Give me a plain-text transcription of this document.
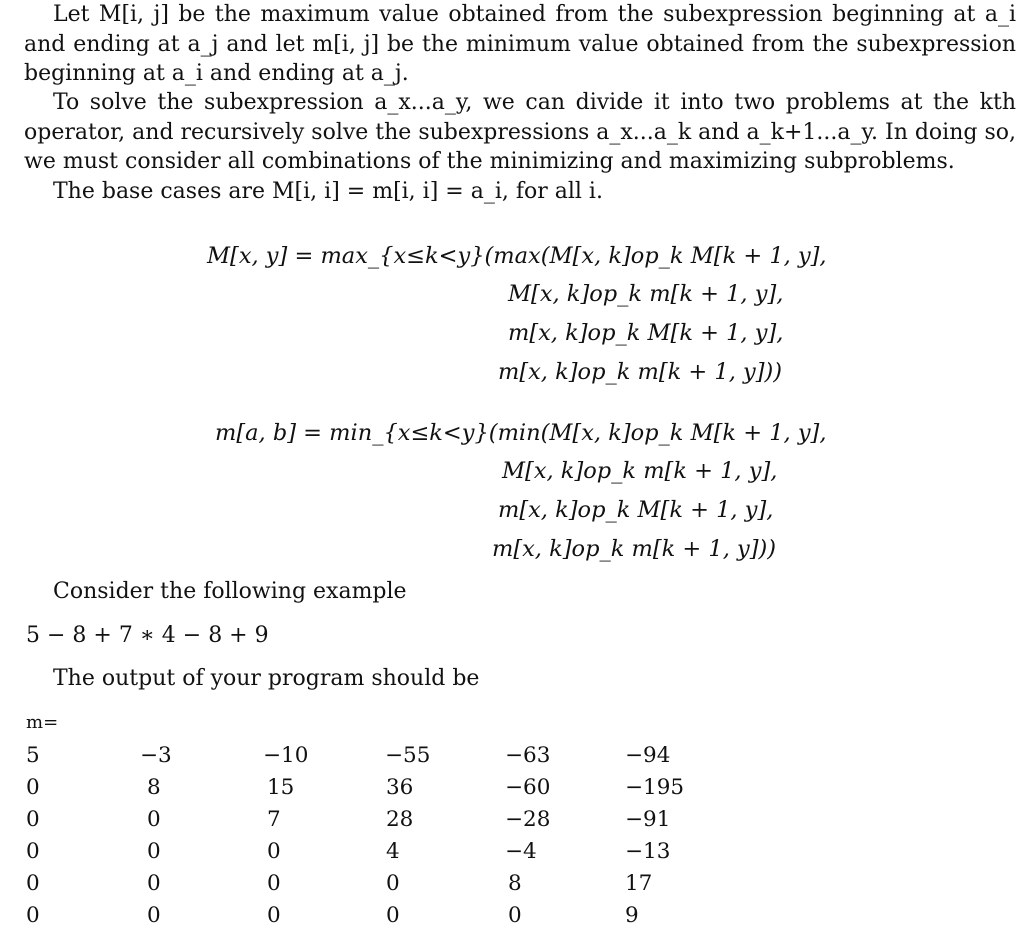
Let M[i, j] be the maximum value obtained from the subexpression beginning at a_i and ending at a_j and let m[i, j] be the minimum value obtained from the subexpression beginning at a_i and ending at a_j.
To solve the subexpression a_x...a_y, we can divide it into two problems at the kth operator, and recursively solve the subexpressions a_x...a_k and a_k+1...a_y. In doing so, we must consider all combinations of the minimizing and maximizing subproblems.
The base cases are M[i, i] = m[i, i] = a_i, for all i.
M[x, y] = max_{x≤k<y}(max(M[x, k]op_k M[k + 1, y],
M[x, k]op_k m[k + 1, y],
m[x, k]op_k M[k + 1, y],
m[x, k]op_k m[k + 1, y]))
m[a, b] = min_{x≤k<y}(min(M[x, k]op_k M[k + 1, y],
M[x, k]op_k m[k + 1, y],
m[x, k]op_k M[k + 1, y],
m[x, k]op_k m[k + 1, y]))
Consider the following example
5 − 8 + 7 ∗ 4 − 8 + 9
The output of your program should be
m=
5	−3	−10	−55	−63	−94
0	8	15	36	−60	−195
0	0	7	28	−28	−91
0	0	0	4	−4	−13
0	0	0	0	8	17
0	0	0	0	0	9
